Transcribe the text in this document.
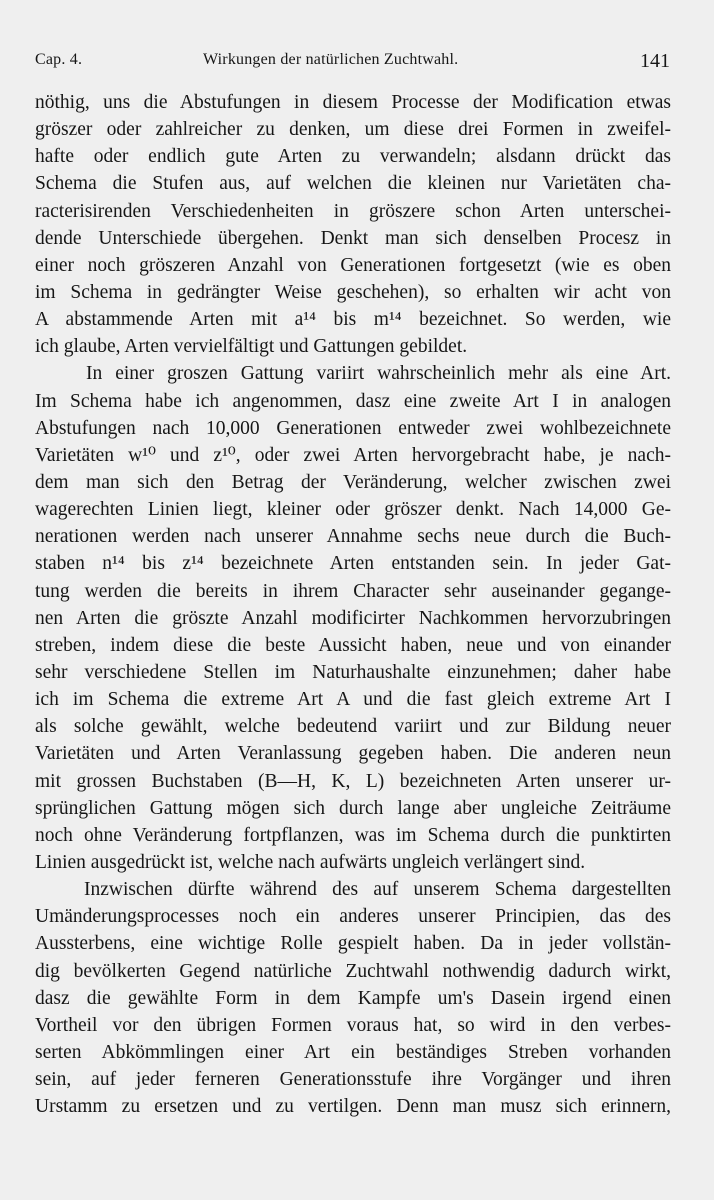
Cap. 4.	Wirkungen der natürlichen Zuchtwahl.	141
nöthig, uns die Abstufungen in diesem Processe der Modification etwas
gröszer oder zahlreicher zu denken, um diese drei Formen in zweifel-
hafte oder endlich gute Arten zu verwandeln; alsdann drückt das
Schema die Stufen aus, auf welchen die kleinen nur Varietäten cha-
racterisirenden Verschiedenheiten in gröszere schon Arten unterschei-
dende Unterschiede übergehen. Denkt man sich denselben Procesz in
einer noch gröszeren Anzahl von Generationen fortgesetzt (wie es oben
im Schema in gedrängter Weise geschehen), so erhalten wir acht von
A abstammende Arten mit a¹⁴ bis m¹⁴ bezeichnet. So werden, wie
ich glaube, Arten vervielfältigt und Gattungen gebildet.
In einer groszen Gattung variirt wahrscheinlich mehr als eine Art.
Im Schema habe ich angenommen, dasz eine zweite Art I in analogen
Abstufungen nach 10,000 Generationen entweder zwei wohlbezeichnete
Varietäten w¹⁰ und z¹⁰, oder zwei Arten hervorgebracht habe, je nach-
dem man sich den Betrag der Veränderung, welcher zwischen zwei
wagerechten Linien liegt, kleiner oder gröszer denkt. Nach 14,000 Ge-
nerationen werden nach unserer Annahme sechs neue durch die Buch-
staben n¹⁴ bis z¹⁴ bezeichnete Arten entstanden sein. In jeder Gat-
tung werden die bereits in ihrem Character sehr auseinander gegange-
nen Arten die gröszte Anzahl modificirter Nachkommen hervorzubringen
streben, indem diese die beste Aussicht haben, neue und von einander
sehr verschiedene Stellen im Naturhaushalte einzunehmen; daher habe
ich im Schema die extreme Art A und die fast gleich extreme Art I
als solche gewählt, welche bedeutend variirt und zur Bildung neuer
Varietäten und Arten Veranlassung gegeben haben. Die anderen neun
mit grossen Buchstaben (B—H, K, L) bezeichneten Arten unserer ur-
sprünglichen Gattung mögen sich durch lange aber ungleiche Zeiträume
noch ohne Veränderung fortpflanzen, was im Schema durch die punktirten
Linien ausgedrückt ist, welche nach aufwärts ungleich verlängert sind.
Inzwischen dürfte während des auf unserem Schema dargestellten
Umänderungsprocesses noch ein anderes unserer Principien, das des
Aussterbens, eine wichtige Rolle gespielt haben. Da in jeder vollstän-
dig bevölkerten Gegend natürliche Zuchtwahl nothwendig dadurch wirkt,
dasz die gewählte Form in dem Kampfe um's Dasein irgend einen
Vortheil vor den übrigen Formen voraus hat, so wird in den verbes-
serten Abkömmlingen einer Art ein beständiges Streben vorhanden
sein, auf jeder ferneren Generationsstufe ihre Vorgänger und ihren
Urstamm zu ersetzen und zu vertilgen. Denn man musz sich erinnern,
